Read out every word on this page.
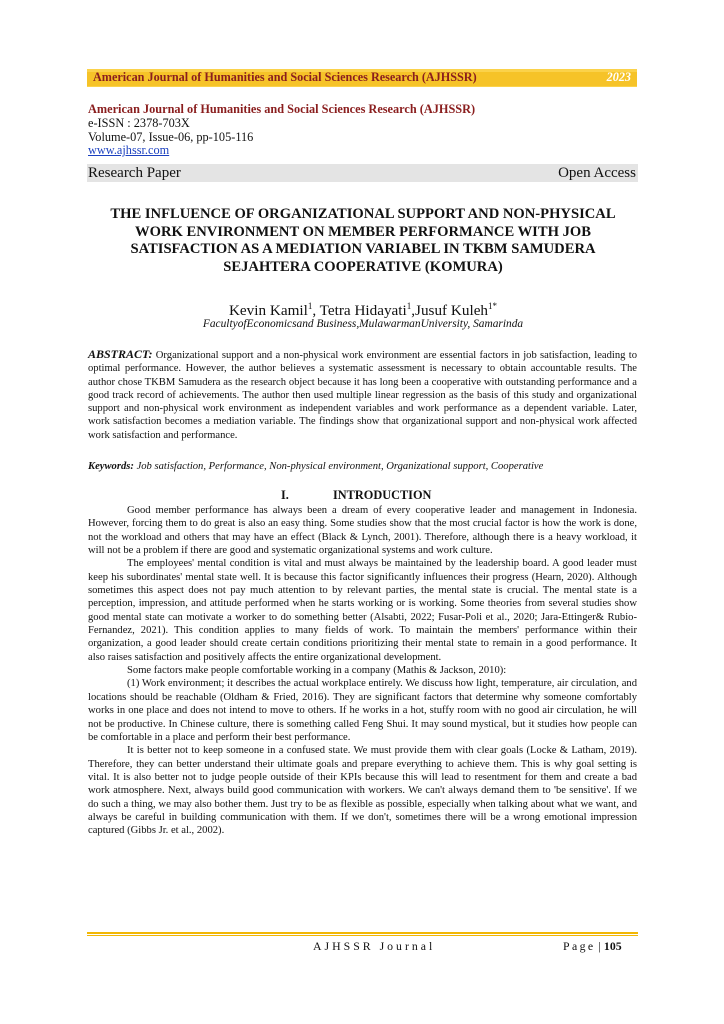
American Journal of Humanities and Social Sciences Research (AJHSSR)	2023
American Journal of Humanities and Social Sciences Research (AJHSSR)
e-ISSN : 2378-703X
Volume-07, Issue-06, pp-105-116
www.ajhssr.com
Research Paper	Open Access
THE INFLUENCE OF ORGANIZATIONAL SUPPORT AND NON-PHYSICAL WORK ENVIRONMENT ON MEMBER PERFORMANCE WITH JOB SATISFACTION AS A MEDIATION VARIABEL IN TKBM SAMUDERA SEJAHTERA COOPERATIVE (KOMURA)
Kevin Kamil$^1$, Tetra Hidayati$^1$,Jusuf Kuleh$^{1*}$
FacultyofEconomicsand Business,MulawarmanUniversity, Samarinda
ABSTRACT: Organizational support and a non-physical work environment are essential factors in job satisfaction, leading to optimal performance. However, the author believes a systematic assessment is necessary to obtain accountable results. The author chose TKBM Samudera as the research object because it has long been a cooperative with outstanding performance and a good track record of achievements. The author then used multiple linear regression as the basis of this study and organizational support and non-physical work environment as independent variables and work performance as a dependent variable. Later, work satisfaction becomes a mediation variable. The findings show that organizational support and non-physical work affected work satisfaction and performance.
Keywords: Job satisfaction, Performance, Non-physical environment, Organizational support, Cooperative
I.	INTRODUCTION

Good member performance has always been a dream of every cooperative leader and management in Indonesia. However, forcing them to do great is also an easy thing. Some studies show that the most crucial factor is how the work is done, not the workload and others that may have an effect (Black & Lynch, 2001). Therefore, although there is a heavy workload, it will not be a problem if there are good and systematic organizational systems and work culture.

The employees' mental condition is vital and must always be maintained by the leadership board. A good leader must keep his subordinates' mental state well. It is because this factor significantly influences their progress (Hearn, 2020). Although sometimes this aspect does not pay much attention to by relevant parties, the mental state is crucial. The mental state is a perception, impression, and attitude performed when he starts working or is working. Some theories from several studies show good mental state can motivate a worker to do something better (Alsabti, 2022; Fusar-Poli et al., 2020; Jara-Ettinger& Rubio-Fernandez, 2021). This condition applies to many fields of work. To maintain the members' performance within their organization, a good leader should create certain conditions prioritizing their mental state to remain in a good performance. It also raises satisfaction and positively affects the entire organizational development.

Some factors make people comfortable working in a company (Mathis & Jackson, 2010):

(1) Work environment; it describes the actual workplace entirely. We discuss how light, temperature, air circulation, and locations should be reachable (Oldham & Fried, 2016). They are significant factors that determine why someone comfortably works in one place and does not intend to move to others. If he works in a hot, stuffy room with no good air circulation, he will not be productive. In Chinese culture, there is something called Feng Shui. It may sound mystical, but it studies how people can be comfortable in a place and perform their best performance.

It is better not to keep someone in a confused state. We must provide them with clear goals (Locke & Latham, 2019). Therefore, they can better understand their ultimate goals and prepare everything to achieve them. This is why goal setting is vital. It is also better not to judge people outside of their KPIs because this will lead to resentment for them and create a bad work atmosphere. Next, always build good communication with workers. We can't always demand them to 'be sensitive'. If we do such a thing, we may also bother them. Just try to be as flexible as possible, especially when talking about what we want, and always be careful in building communication with them. If we don't, sometimes there will be a wrong emotional impression captured (Gibbs Jr. et al., 2002).

AJHSSR Journal	Page | 105
